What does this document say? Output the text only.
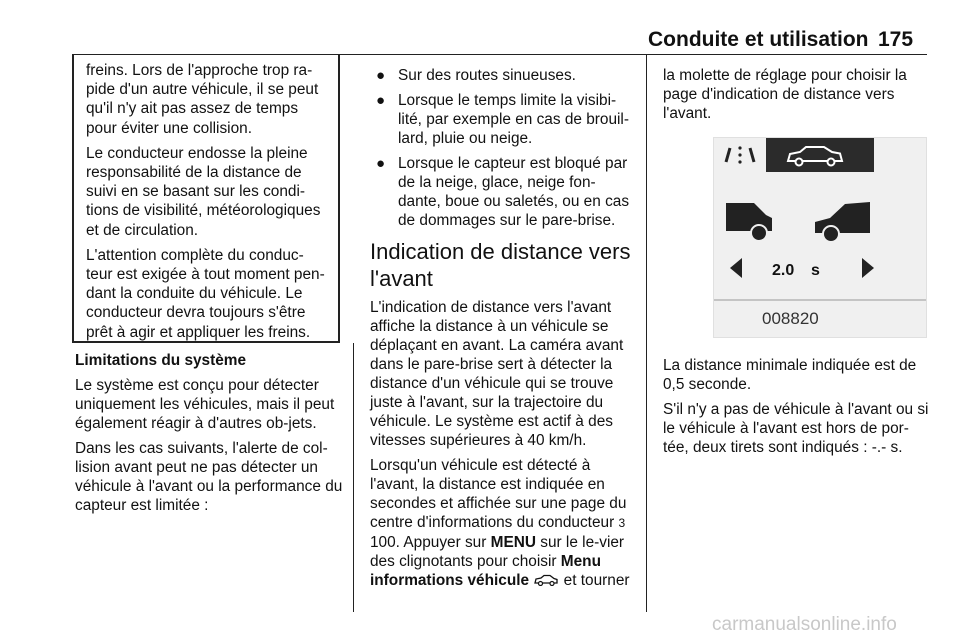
Conduite et utilisation 175

freins. Lors de l'approche trop ra-pide d'un autre véhicule, il se peut qu'il n'y ait pas assez de temps pour éviter une collision.

Le conducteur endosse la pleine responsabilité de la distance de suivi en se basant sur les condi-tions de visibilité, météorologiques et de circulation.

L'attention complète du conduc-teur est exigée à tout moment pen-dant la conduite du véhicule. Le conducteur devra toujours s'être prêt à agir et appliquer les freins.

Limitations du système

Le système est conçu pour détecter uniquement les véhicules, mais il peut également réagir à d'autres ob-jets.

Dans les cas suivants, l'alerte de col-lision avant peut ne pas détecter un véhicule à l'avant ou la performance du capteur est limitée :

● Sur des routes sinueuses.
● Lorsque le temps limite la visibi-lité, par exemple en cas de brouil-lard, pluie ou neige.
● Lorsque le capteur est bloqué par de la neige, glace, neige fon-dante, boue ou saletés, ou en cas de dommages sur le pare-brise.
Indication de distance vers l'avant

L'indication de distance vers l'avant affiche la distance à un véhicule se déplaçant en avant. La caméra avant dans le pare-brise sert à détecter la distance d'un véhicule qui se trouve juste à l'avant, sur la trajectoire du véhicule. Le système est actif à des vitesses supérieures à 40 km/h.

Lorsqu'un véhicule est détecté à l'avant, la distance est indiquée en secondes et affichée sur une page du centre d'informations du conducteur 3 100. Appuyer sur MENU sur le le-vier des clignotants pour choisir Menu informations véhicule  et tourner

la molette de réglage pour choisir la page d'indication de distance vers l'avant.

2.0 s
008820

La distance minimale indiquée est de 0,5 seconde.

S'il n'y a pas de véhicule à l'avant ou si le véhicule à l'avant est hors de por-tée, deux tirets sont indiqués : -.- s.

carmanualsonline.info
